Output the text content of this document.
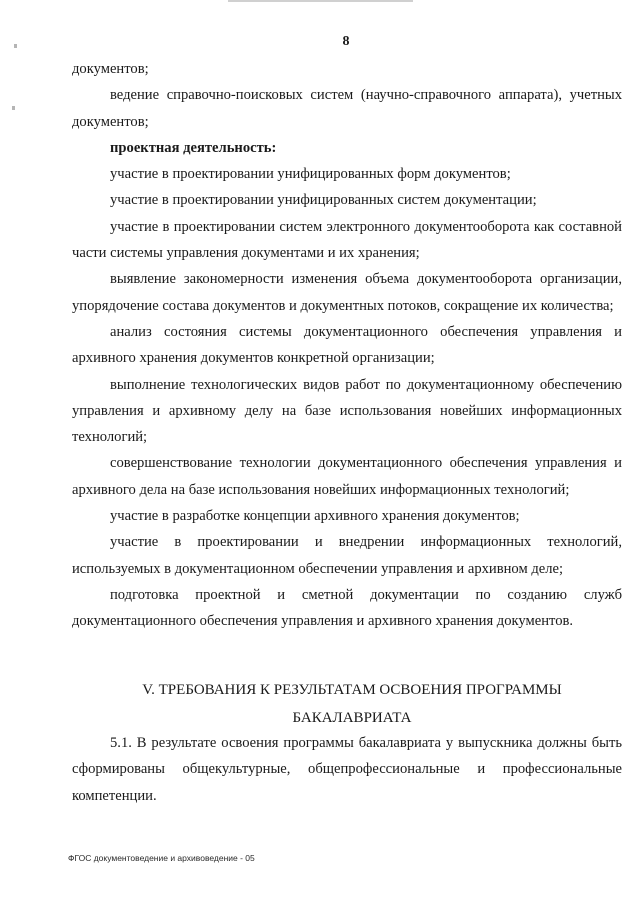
8

документов;

ведение справочно-поисковых систем (научно-справочного аппарата), учетных документов;

проектная деятельность:

участие в проектировании унифицированных форм документов;

участие в проектировании унифицированных систем документации;

участие в проектировании систем электронного документооборота как составной части системы управления документами и их хранения;

выявление закономерности изменения объема документооборота организации, упорядочение состава документов и документных потоков, сокращение их количества;

анализ состояния системы документационного обеспечения управления и архивного хранения документов конкретной организации;

выполнение технологических видов работ по документационному обеспечению управления и архивному делу на базе использования новейших информационных технологий;

совершенствование технологии документационного обеспечения управления и архивного дела на базе использования новейших информационных технологий;

участие в разработке концепции архивного хранения документов;

участие в проектировании и внедрении информационных технологий, используемых в документационном обеспечении управления и архивном деле;

подготовка проектной и сметной документации по созданию служб документационного обеспечения управления и архивного хранения документов.

V. ТРЕБОВАНИЯ К РЕЗУЛЬТАТАМ ОСВОЕНИЯ ПРОГРАММЫ
БАКАЛАВРИАТА

5.1. В результате освоения программы бакалавриата у выпускника должны быть сформированы общекультурные, общепрофессиональные и профессиональные компетенции.

ФГОС документоведение и архивоведение - 05
